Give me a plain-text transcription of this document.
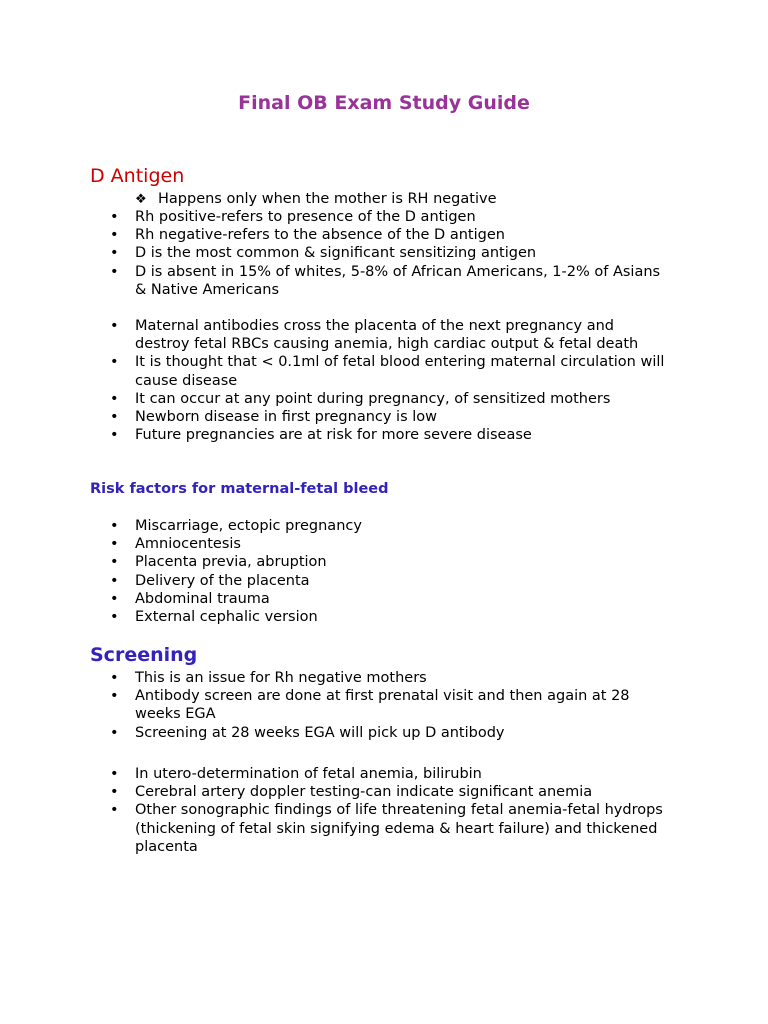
Final OB Exam Study Guide
D Antigen
❖ Happens only when the mother is RH negative
• Rh positive-refers to presence of the D antigen
• Rh negative-refers to the absence of the D antigen
• D is the most common & significant sensitizing antigen
• D is absent in 15% of whites, 5-8% of African Americans, 1-2% of Asians & Native Americans
• Maternal antibodies cross the placenta of the next pregnancy and destroy fetal RBCs causing anemia, high cardiac output & fetal death
• It is thought that < 0.1ml of fetal blood entering maternal circulation will cause disease
• It can occur at any point during pregnancy, of sensitized mothers
• Newborn disease in first pregnancy is low
• Future pregnancies are at risk for more severe disease
Risk factors for maternal-fetal bleed
• Miscarriage, ectopic pregnancy
• Amniocentesis
• Placenta previa, abruption
• Delivery of the placenta
• Abdominal trauma
• External cephalic version
Screening
• This is an issue for Rh negative mothers
• Antibody screen are done at first prenatal visit and then again at 28 weeks EGA
• Screening at 28 weeks EGA will pick up D antibody
• In utero-determination of fetal anemia, bilirubin
• Cerebral artery doppler testing-can indicate significant anemia
• Other sonographic findings of life threatening fetal anemia-fetal hydrops (thickening of fetal skin signifying edema & heart failure) and thickened placenta
